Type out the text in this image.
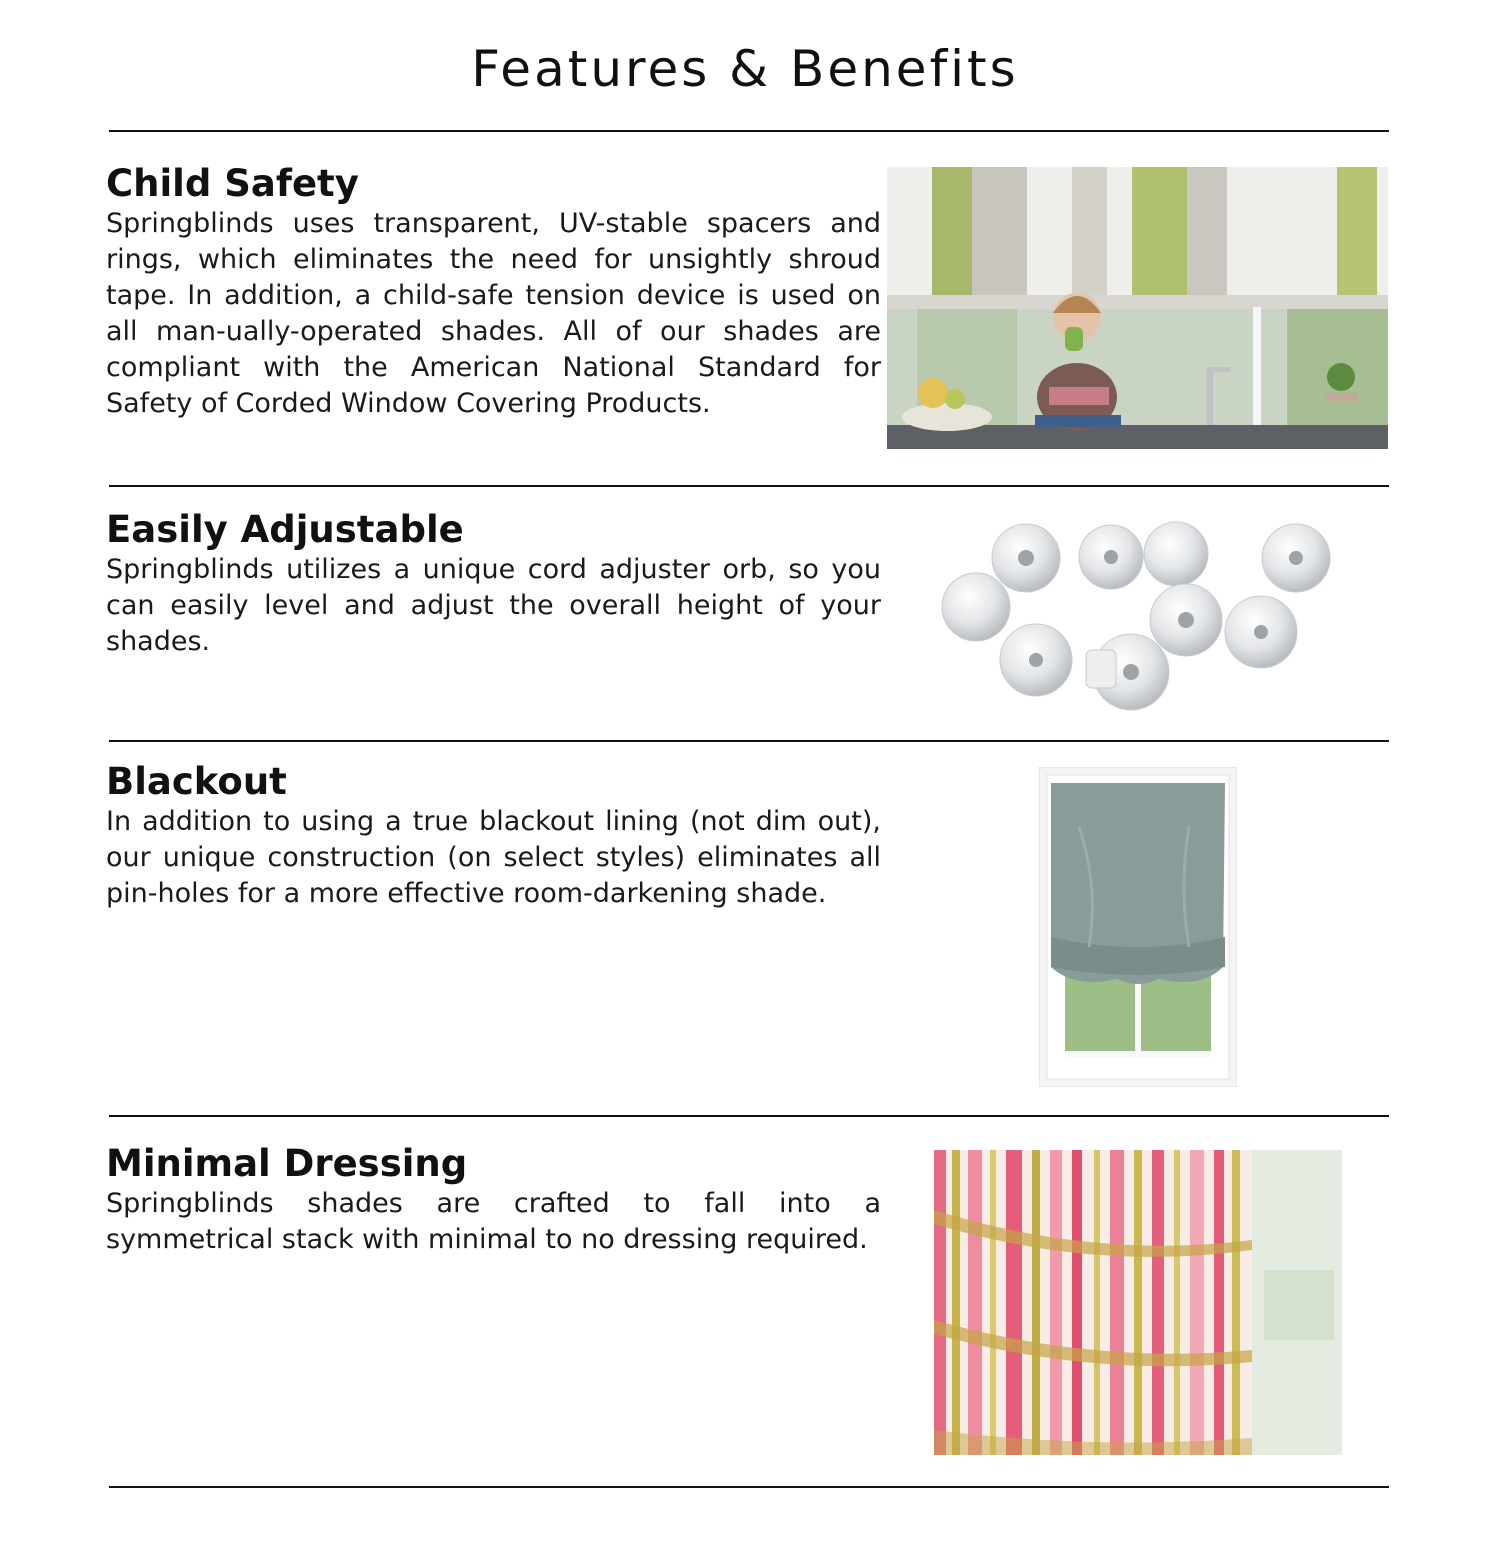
Features & Benefits
Child Safety

Springblinds uses transparent, UV-stable spacers and rings, which eliminates the need for unsightly shroud tape. In addition, a child-safe tension device is used on all man-ually-operated shades. All of our shades are compliant with the American National Standard for Safety of Corded Window Covering Products.

Easily Adjustable

Springblinds utilizes a unique cord adjuster orb, so you can easily level and adjust the overall height of your shades.

Blackout

In addition to using a true blackout lining (not dim out), our unique construction (on select styles) eliminates all pin-holes for a more effective room-darkening shade.

Minimal Dressing

Springblinds shades are crafted to fall into a symmetrical stack with minimal to no dressing required.
